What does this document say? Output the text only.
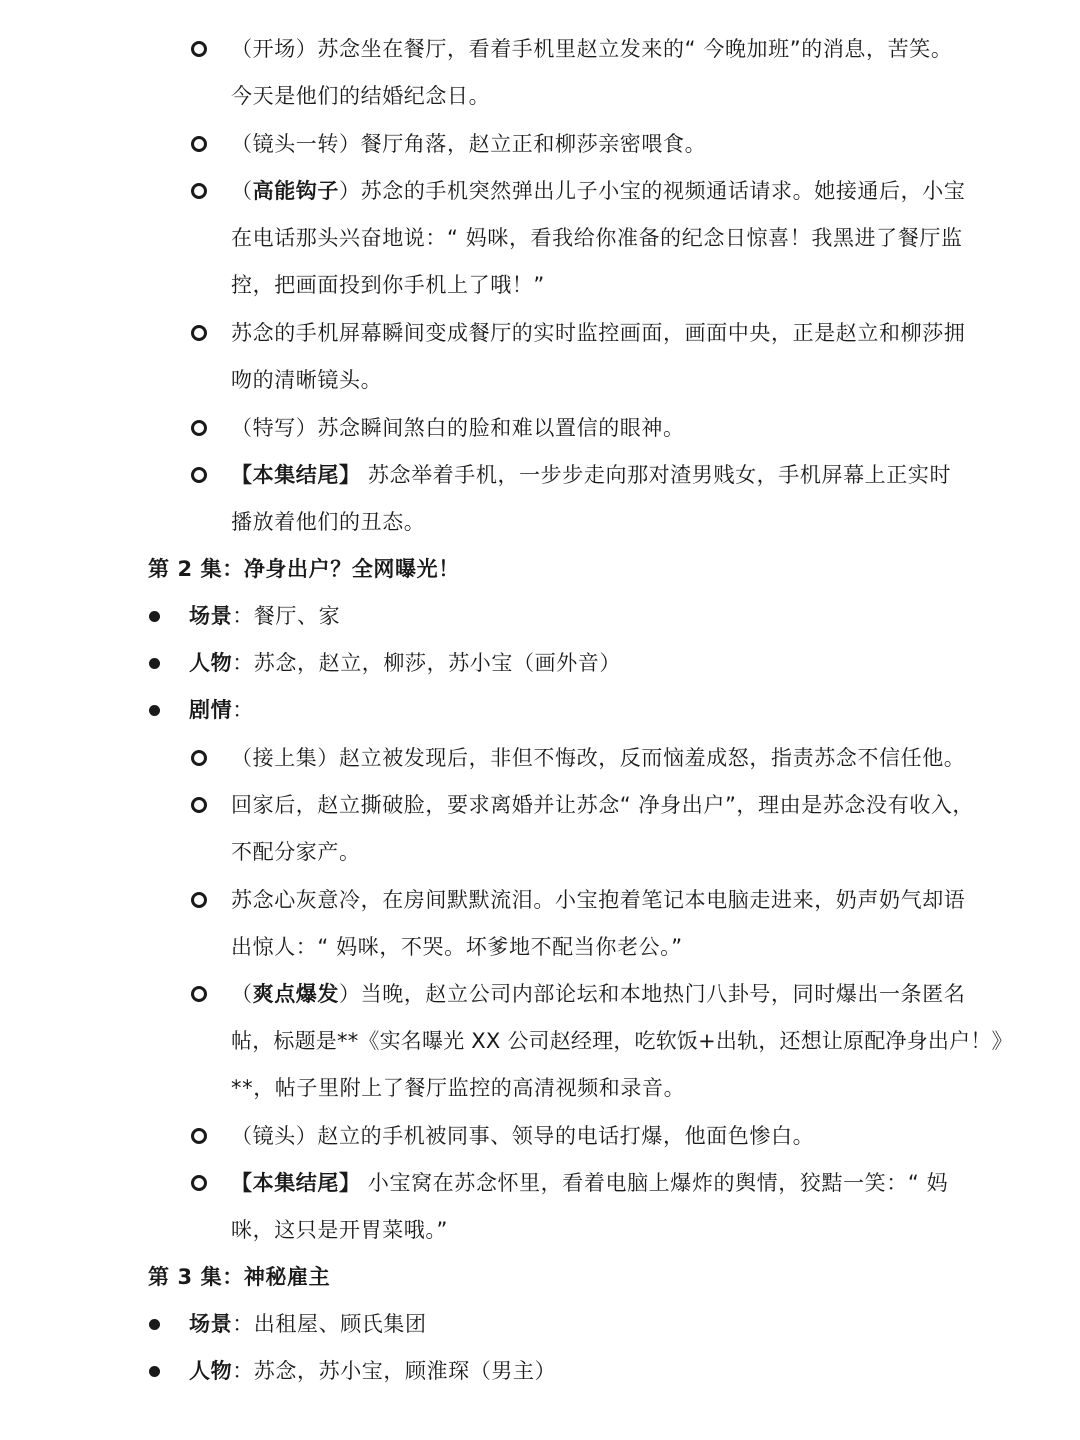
（开场）苏念坐在餐厅，看着手机里赵立发来的“ 今晚加班”的消息，苦笑。
今天是他们的结婚纪念日。
（镜头一转）餐厅角落，赵立正和柳莎亲密喂食。
（高能钩子）苏念的手机突然弹出儿子小宝的视频通话请求。她接通后，小宝
在电话那头兴奋地说：“ 妈咪，看我给你准备的纪念日惊喜！我黑进了餐厅监
控，把画面投到你手机上了哦！”
苏念的手机屏幕瞬间变成餐厅的实时监控画面，画面中央，正是赵立和柳莎拥
吻的清晰镜头。
（特写）苏念瞬间煞白的脸和难以置信的眼神。
【本集结尾】 苏念举着手机，一步步走向那对渣男贱女，手机屏幕上正实时
播放着他们的丑态。
第 2 集：净身出户？全网曝光！
场景：餐厅、家
人物：苏念，赵立，柳莎，苏小宝（画外音）
剧情：
（接上集）赵立被发现后，非但不悔改，反而恼羞成怒，指责苏念不信任他。
回家后，赵立撕破脸，要求离婚并让苏念“ 净身出户”，理由是苏念没有收入，
不配分家产。
苏念心灰意冷，在房间默默流泪。小宝抱着笔记本电脑走进来，奶声奶气却语
出惊人：“ 妈咪，不哭。坏爹地不配当你老公。”
（爽点爆发）当晚，赵立公司内部论坛和本地热门八卦号，同时爆出一条匿名
帖，标题是**《实名曝光 XX 公司赵经理，吃软饭+出轨，还想让原配净身出户！》
**，帖子里附上了餐厅监控的高清视频和录音。
（镜头）赵立的手机被同事、领导的电话打爆，他面色惨白。
【本集结尾】 小宝窝在苏念怀里，看着电脑上爆炸的舆情，狡黠一笑：“ 妈
咪，这只是开胃菜哦。”
第 3 集：神秘雇主
场景：出租屋、顾氏集团
人物：苏念，苏小宝，顾淮琛（男主）
